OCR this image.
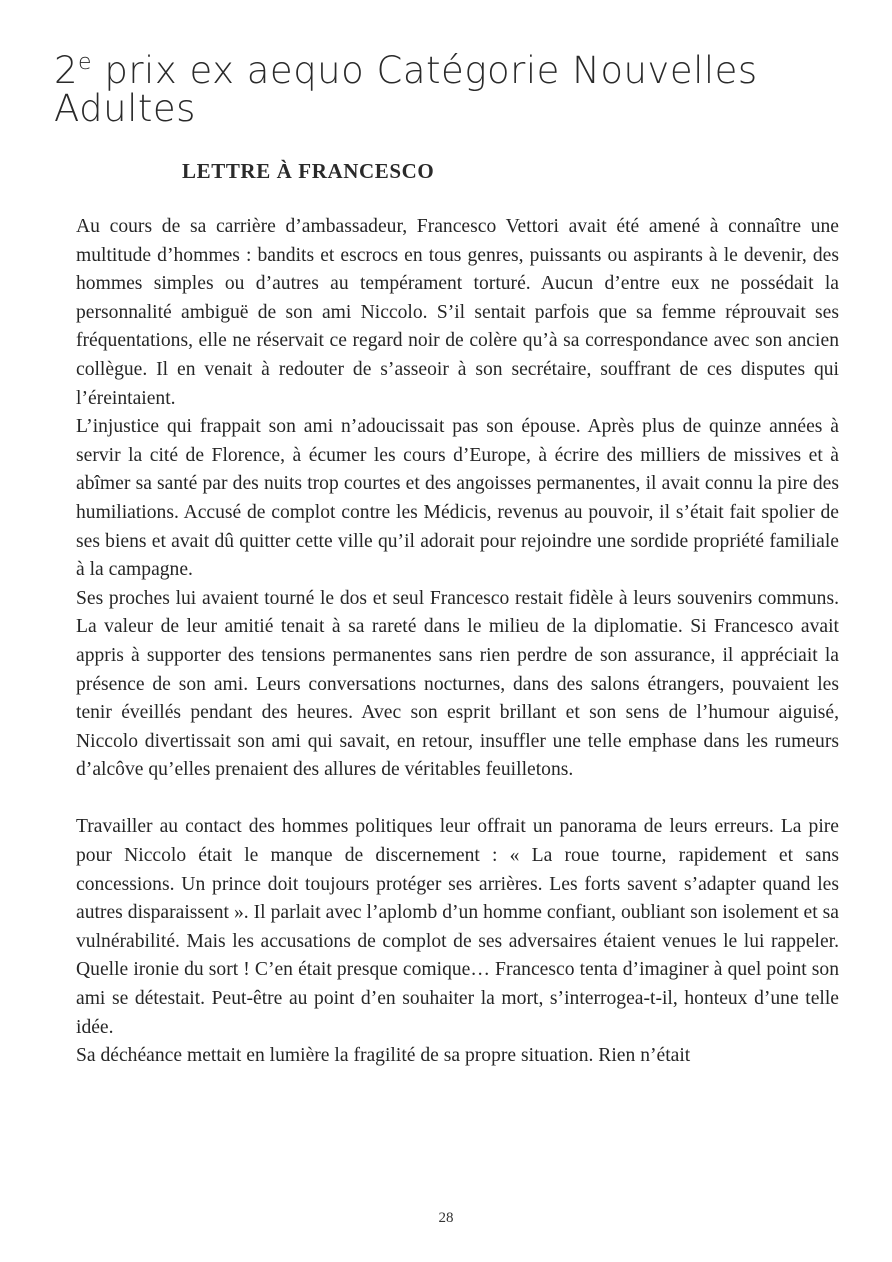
2e prix ex aequo Catégorie Nouvelles Adultes
LETTRE À FRANCESCO

Au cours de sa carrière d’ambassadeur, Francesco Vettori avait été amené à connaître une multitude d’hommes : bandits et escrocs en tous genres, puissants ou aspirants à le devenir, des hommes simples ou d’autres au tempérament torturé. Aucun d’entre eux ne possédait la personnalité ambiguë de son ami Niccolo. S’il sentait parfois que sa femme réprouvait ses fréquentations, elle ne réservait ce regard noir de colère qu’à sa correspondance avec son ancien collègue. Il en venait à redouter de s’asseoir à son secrétaire, souffrant de ces disputes qui l’éreintaient.

L’injustice qui frappait son ami n’adoucissait pas son épouse. Après plus de quinze années à servir la cité de Florence, à écumer les cours d’Europe, à écrire des milliers de missives et à abîmer sa santé par des nuits trop courtes et des angoisses permanentes, il avait connu la pire des humiliations. Accusé de complot contre les Médicis, revenus au pouvoir, il s’était fait spolier de ses biens et avait dû quitter cette ville qu’il adorait pour rejoindre une sordide propriété familiale à la campagne.

Ses proches lui avaient tourné le dos et seul Francesco restait fidèle à leurs souvenirs communs. La valeur de leur amitié tenait à sa rareté dans le milieu de la diplomatie. Si Francesco avait appris à supporter des tensions permanentes sans rien perdre de son assurance, il appréciait la présence de son ami. Leurs conversations nocturnes, dans des salons étrangers, pouvaient les tenir éveillés pendant des heures. Avec son esprit brillant et son sens de l’humour aiguisé, Niccolo divertissait son ami qui savait, en retour, insuffler une telle emphase dans les rumeurs d’alcôve qu’elles prenaient des allures de véritables feuilletons.

Travailler au contact des hommes politiques leur offrait un panorama de leurs erreurs. La pire pour Niccolo était le manque de discernement : « La roue tourne, rapidement et sans concessions. Un prince doit toujours protéger ses arrières. Les forts savent s’adapter quand les autres disparaissent ». Il parlait avec l’aplomb d’un homme confiant, oubliant son isolement et sa vulnérabilité. Mais les accusations de complot de ses adversaires étaient venues le lui rappeler. Quelle ironie du sort ! C’en était presque comique… Francesco tenta d’imaginer à quel point son ami se détestait. Peut-être au point d’en souhaiter la mort, s’interrogea-t-il, honteux d’une telle idée.

Sa déchéance mettait en lumière la fragilité de sa propre situation. Rien n’était

28
